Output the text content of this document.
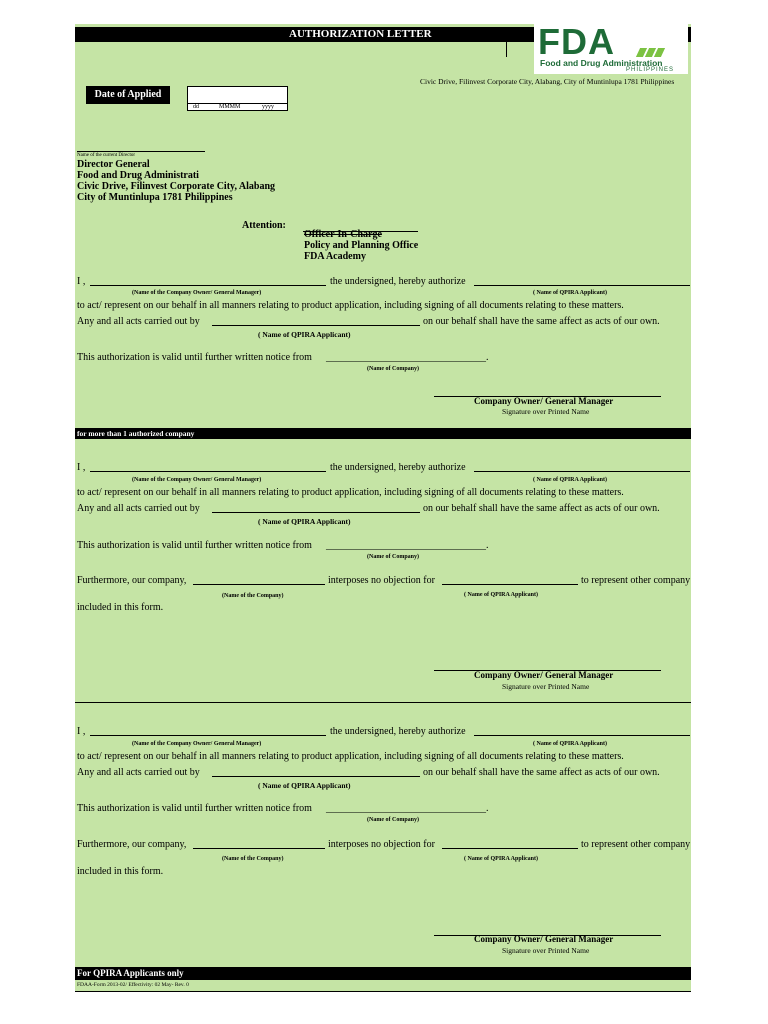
AUTHORIZATION LETTER	FDA
Food and Drug Administration
PHILIPPINES
Civic Drive, Filinvest Corporate City, Alabang, City of Muntinlupa 1781 Philippines
Date of Applied
dd	MMMM	yyyy
Name of the current Director
Director General
Food and Drug Administrati
Civic Drive, Filinvest Corporate City, Alabang
City of Muntinlupa 1781 Philippines
Attention:
Officer-In-Charge
Policy and Planning Office
FDA Academy
I ,	the undersigned, hereby authorize
(Name of the Company Owner/ General Manager)	( Name of QPIRA Applicant)
to act/ represent on our behalf in all manners relating to product application, including signing of all documents relating to these matters.
Any and all acts carried out by	on our behalf shall have the same affect as acts of our own.
( Name of QPIRA Applicant)
This authorization is valid until further written notice from ________________________________.
(Name of Company)
Company Owner/ General Manager
Signature over Printed Name
for more than 1 authorized company
I ,	the undersigned, hereby authorize
(Name of the Company Owner/ General Manager)	( Name of QPIRA Applicant)
to act/ represent on our behalf in all manners relating to product application, including signing of all documents relating to these matters.
Any and all acts carried out by	on our behalf shall have the same affect as acts of our own.
( Name of QPIRA Applicant)
This authorization is valid until further written notice from ________________________________.
(Name of Company)
Furthermore, our company,	interposes no objection for	to represent other company
(Name of the Company)	( Name of QPIRA Applicant)
included in this form.
Company Owner/ General Manager
Signature over Printed Name
I ,	the undersigned, hereby authorize
(Name of the Company Owner/ General Manager)	( Name of QPIRA Applicant)
to act/ represent on our behalf in all manners relating to product application, including signing of all documents relating to these matters.
Any and all acts carried out by	on our behalf shall have the same affect as acts of our own.
( Name of QPIRA Applicant)
This authorization is valid until further written notice from ________________________________.
(Name of Company)
Furthermore, our company,	interposes no objection for	to represent other company
(Name of the Company)	( Name of QPIRA Applicant)
included in this form.
Company Owner/ General Manager
Signature over Printed Name
For QPIRA Applicants only
FDAA-Form 2013-02/ Effectivity: 02 May- Rev. 0
